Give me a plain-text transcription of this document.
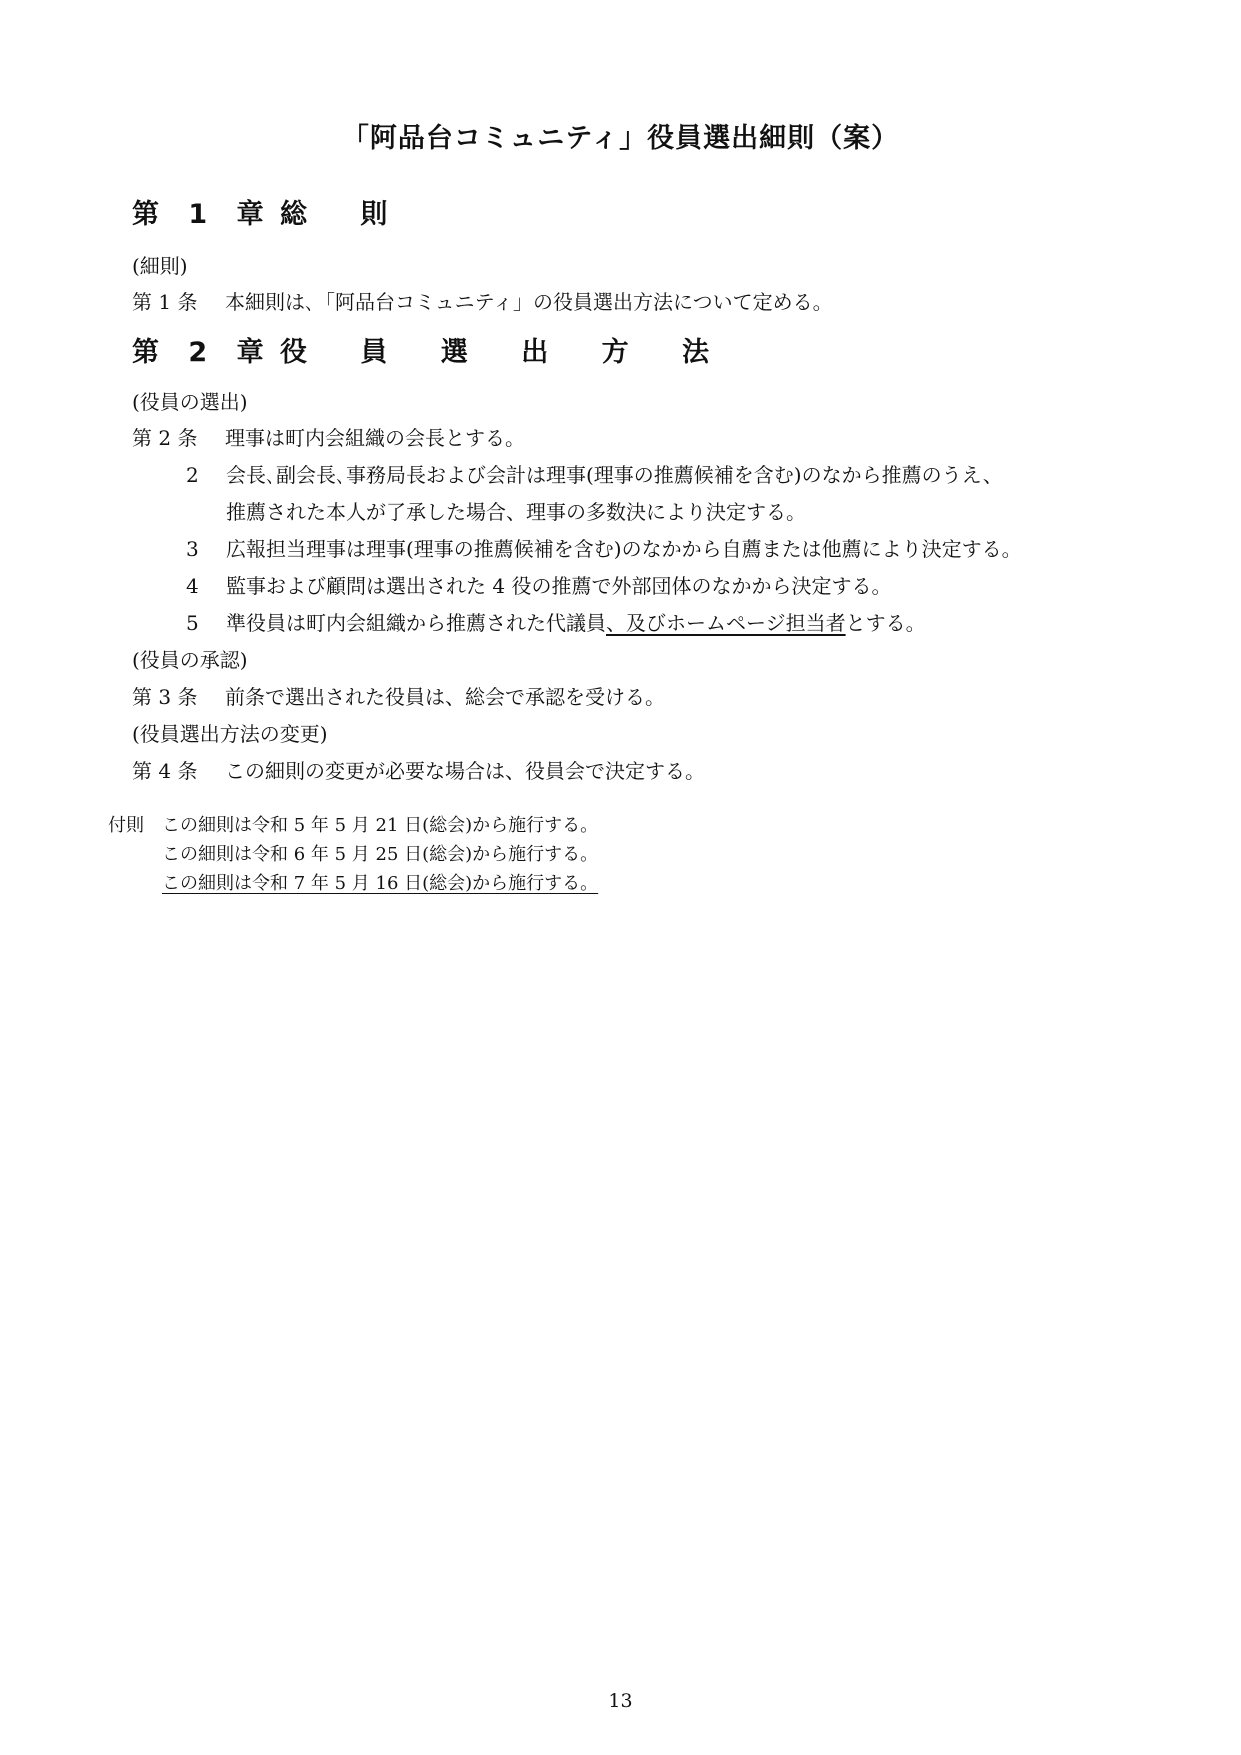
「阿品台コミュニティ」役員選出細則（案）
第 1 章 総 則
(細則)
第 1 条 本細則は､「阿品台コミュニティ」の役員選出方法について定める。
第 2 章 役 員 選 出 方 法
(役員の選出)
第 2 条 理事は町内会組織の会長とする。
2 会長､副会長､事務局長および会計は理事(理事の推薦候補を含む)のなから推薦のうえ、
推薦された本人が了承した場合、理事の多数決により決定する。
3 広報担当理事は理事(理事の推薦候補を含む)のなかから自薦または他薦により決定する。
4 監事および顧問は選出された 4 役の推薦で外部団体のなかから決定する。
5 準役員は町内会組織から推薦された代議員、及びホームページ担当者とする。
(役員の承認)
第 3 条 前条で選出された役員は、総会で承認を受ける。
(役員選出方法の変更)
第 4 条 この細則の変更が必要な場合は、役員会で決定する。
付則 この細則は令和 5 年 5 月 21 日(総会)から施行する。
この細則は令和 6 年 5 月 25 日(総会)から施行する。
この細則は令和 7 年 5 月 16 日(総会)から施行する。
13
